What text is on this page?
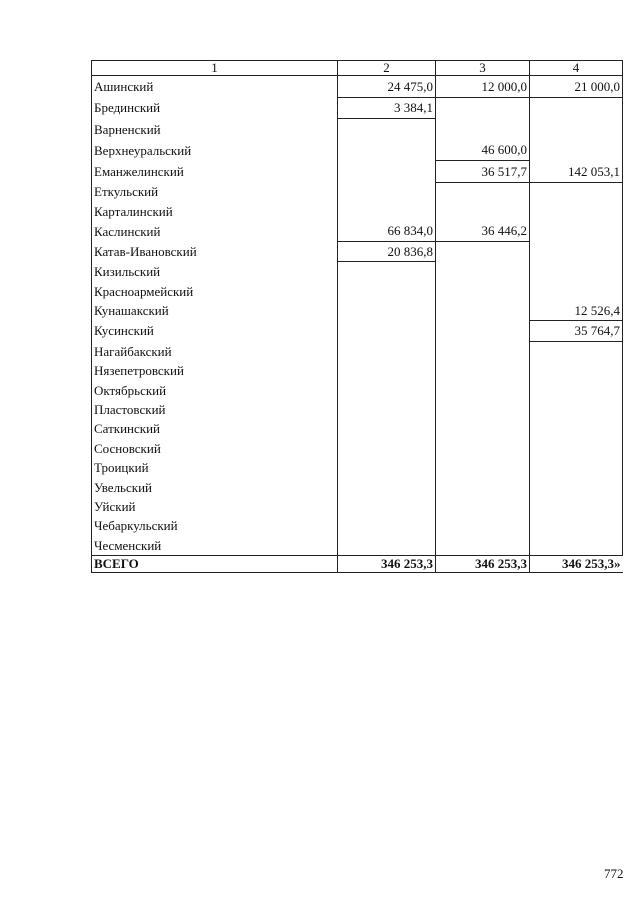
1	2	3	4
Ашинский	24 475,0	12 000,0	21 000,0
Брединский	3 384,1		
Варненский			
Верхнеуральский		46 600,0	
Еманжелинский		36 517,7	142 053,1
Еткульский			
Карталинский			
Каслинский	66 834,0	36 446,2	
Катав-Ивановский	20 836,8		
Кизильский			
Красноармейский			
Кунашакский			12 526,4
Кусинский			35 764,7
Нагайбакский			
Нязепетровский			
Октябрьский			
Пластовский			
Саткинский			
Сосновский			
Троицкий			
Увельский			
Уйский			
Чебаркульский			
Чесменский			
ВСЕГО	346 253,3	346 253,3	346 253,3»
772
